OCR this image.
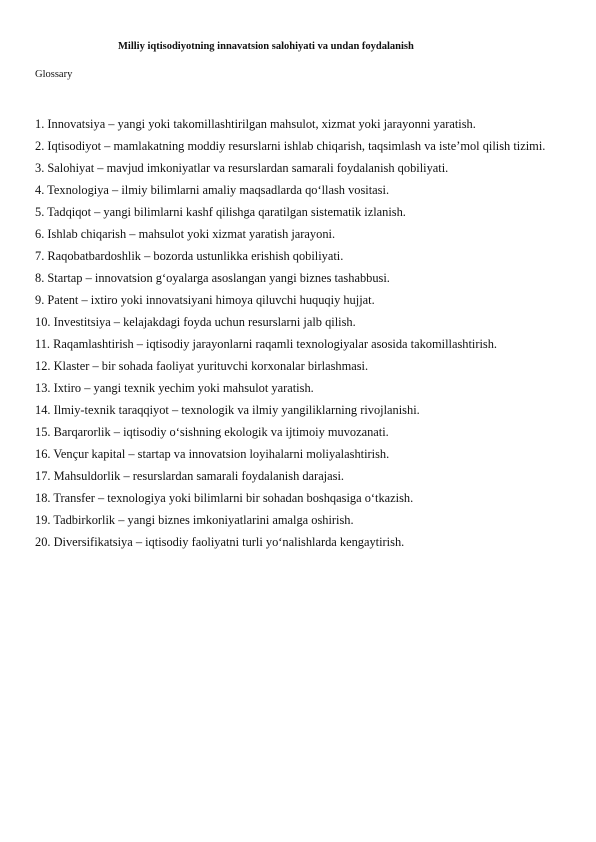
Milliy iqtisodiyotning innavatsion salohiyati va undan foydalanish
Glossary
1. Innovatsiya – yangi yoki takomillashtirilgan mahsulot, xizmat yoki jarayonni yaratish.
2. Iqtisodiyot – mamlakatning moddiy resurslarni ishlab chiqarish, taqsimlash va iste’mol qilish tizimi.
3. Salohiyat – mavjud imkoniyatlar va resurslardan samarali foydalanish qobiliyati.
4. Texnologiya – ilmiy bilimlarni amaliy maqsadlarda qo‘llash vositasi.
5. Tadqiqot – yangi bilimlarni kashf qilishga qaratilgan sistematik izlanish.
6. Ishlab chiqarish – mahsulot yoki xizmat yaratish jarayoni.
7. Raqobatbardoshlik – bozorda ustunlikka erishish qobiliyati.
8. Startap – innovatsion g‘oyalarga asoslangan yangi biznes tashabbusi.
9. Patent – ixtiro yoki innovatsiyani himoya qiluvchi huquqiy hujjat.
10. Investitsiya – kelajakdagi foyda uchun resurslarni jalb qilish.
11. Raqamlashtirish – iqtisodiy jarayonlarni raqamli texnologiyalar asosida takomillashtirish.
12. Klaster – bir sohada faoliyat yurituvchi korxonalar birlashmasi.
13. Ixtiro – yangi texnik yechim yoki mahsulot yaratish.
14. Ilmiy-texnik taraqqiyot – texnologik va ilmiy yangiliklarning rivojlanishi.
15. Barqarorlik – iqtisodiy o‘sishning ekologik va ijtimoiy muvozanati.
16. Vençur kapital – startap va innovatsion loyihalarni moliyalashtirish.
17. Mahsuldorlik – resurslardan samarali foydalanish darajasi.
18. Transfer – texnologiya yoki bilimlarni bir sohadan boshqasiga o‘tkazish.
19. Tadbirkorlik – yangi biznes imkoniyatlarini amalga oshirish.
20. Diversifikatsiya – iqtisodiy faoliyatni turli yo‘nalishlarda kengaytirish.
